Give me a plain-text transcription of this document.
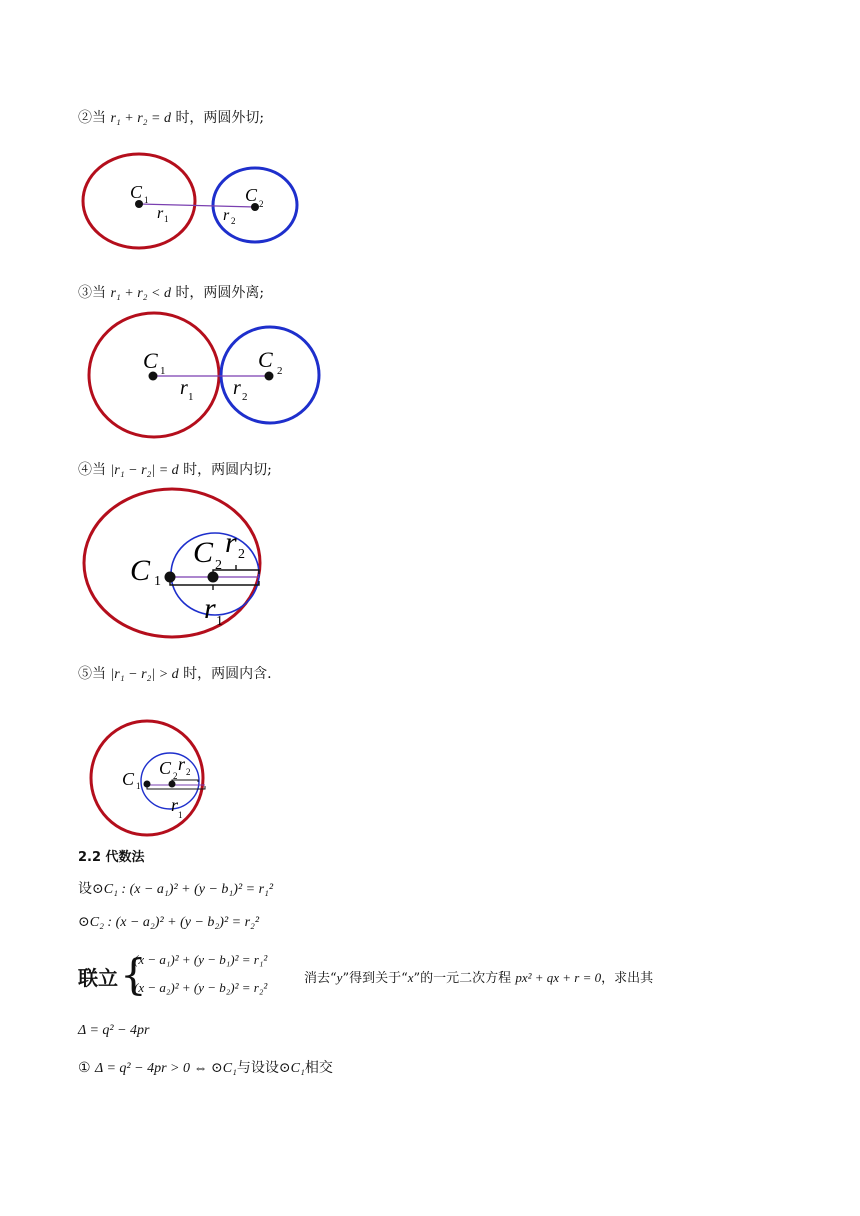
②当 r₁ + r₂ = d 时，两圆外切;
C 1
r 1
C 2
r 2
③当 r₁ + r₂ < d 时，两圆外离;
C 1
r 1
C 2
r 2
④当 |r₁ − r₂| = d 时，两圆内切;
C 1
C 2
r 2
r 1
⑤当 |r₁ − r₂| > d 时，两圆内含.
C 1
C 2
r 2
r 1
2.2 代数法
设⊙C₁ : (x − a₁)² + (y − b₁)² = r₁²
⊙C₂ : (x − a₂)² + (y − b₂)² = r₂²
联立 {
(x − a₁)² + (y − b₁)² = r₁²
(x − a₂)² + (y − b₂)² = r₂²
消去“y”得到关于“x”的一元二次方程 px² + qx + r = 0，求出其
Δ = q² − 4pr
① Δ = q² − 4pr > 0 ⇔ ⊙C₁与设设⊙C₁相交
